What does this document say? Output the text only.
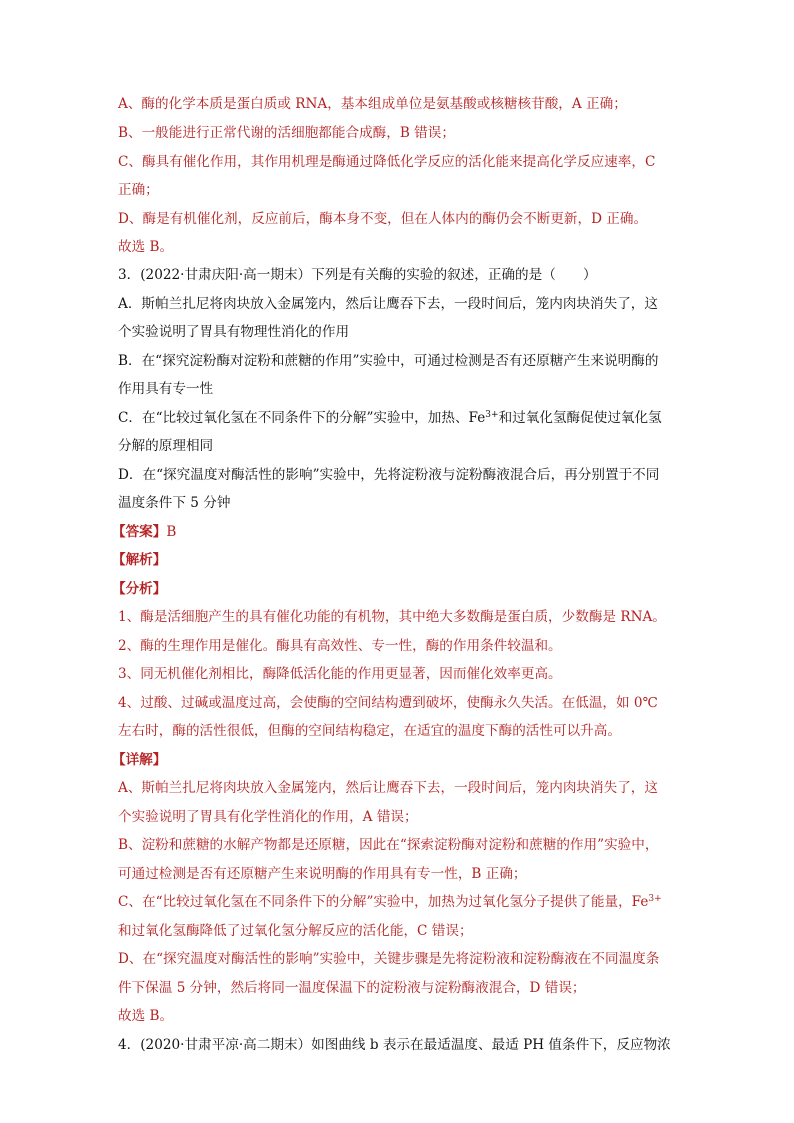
A、酶的化学本质是蛋白质或 RNA，基本组成单位是氨基酸或核糖核苷酸，A 正确；
B、一般能进行正常代谢的活细胞都能合成酶，B 错误；
C、酶具有催化作用，其作用机理是酶通过降低化学反应的活化能来提高化学反应速率，C
正确；
D、酶是有机催化剂，反应前后，酶本身不变，但在人体内的酶仍会不断更新，D 正确。
故选 B。
3．(2022·甘肃庆阳·高一期末）下列是有关酶的实验的叙述，正确的是（　　）
A．斯帕兰扎尼将肉块放入金属笼内，然后让鹰吞下去，一段时间后，笼内肉块消失了，这
个实验说明了胃具有物理性消化的作用
B．在“探究淀粉酶对淀粉和蔗糖的作用”实验中，可通过检测是否有还原糖产生来说明酶的
作用具有专一性
C．在“比较过氧化氢在不同条件下的分解”实验中，加热、$Fe^{3+}$和过氧化氢酶促使过氧化氢
分解的原理相同
D．在“探究温度对酶活性的影响”实验中，先将淀粉液与淀粉酶液混合后，再分别置于不同
温度条件下 5 分钟
【答案】B
【解析】
【分析】
1、酶是活细胞产生的具有催化功能的有机物，其中绝大多数酶是蛋白质，少数酶是 RNA。
2、酶的生理作用是催化。酶具有高效性、专一性，酶的作用条件较温和。
3、同无机催化剂相比，酶降低活化能的作用更显著，因而催化效率更高。
4、过酸、过碱或温度过高，会使酶的空间结构遭到破坏，使酶永久失活。在低温，如 0℃
左右时，酶的活性很低，但酶的空间结构稳定，在适宜的温度下酶的活性可以升高。
【详解】
A、斯帕兰扎尼将肉块放入金属笼内，然后让鹰吞下去，一段时间后，笼内肉块消失了，这
个实验说明了胃具有化学性消化的作用，A 错误；
B、淀粉和蔗糖的水解产物都是还原糖，因此在“探索淀粉酶对淀粉和蔗糖的作用”实验中，
可通过检测是否有还原糖产生来说明酶的作用具有专一性，B 正确；
C、在“比较过氧化氢在不同条件下的分解”实验中，加热为过氧化氢分子提供了能量，$Fe^{3+}$
和过氧化氢酶降低了过氧化氢分解反应的活化能，C 错误；
D、在“探究温度对酶活性的影响”实验中，关键步骤是先将淀粉液和淀粉酶液在不同温度条
件下保温 5 分钟，然后将同一温度保温下的淀粉液与淀粉酶液混合，D 错误；
故选 B。
4．(2020·甘肃平凉·高二期末）如图曲线 b 表示在最适温度、最适 PH 值条件下，反应物浓
